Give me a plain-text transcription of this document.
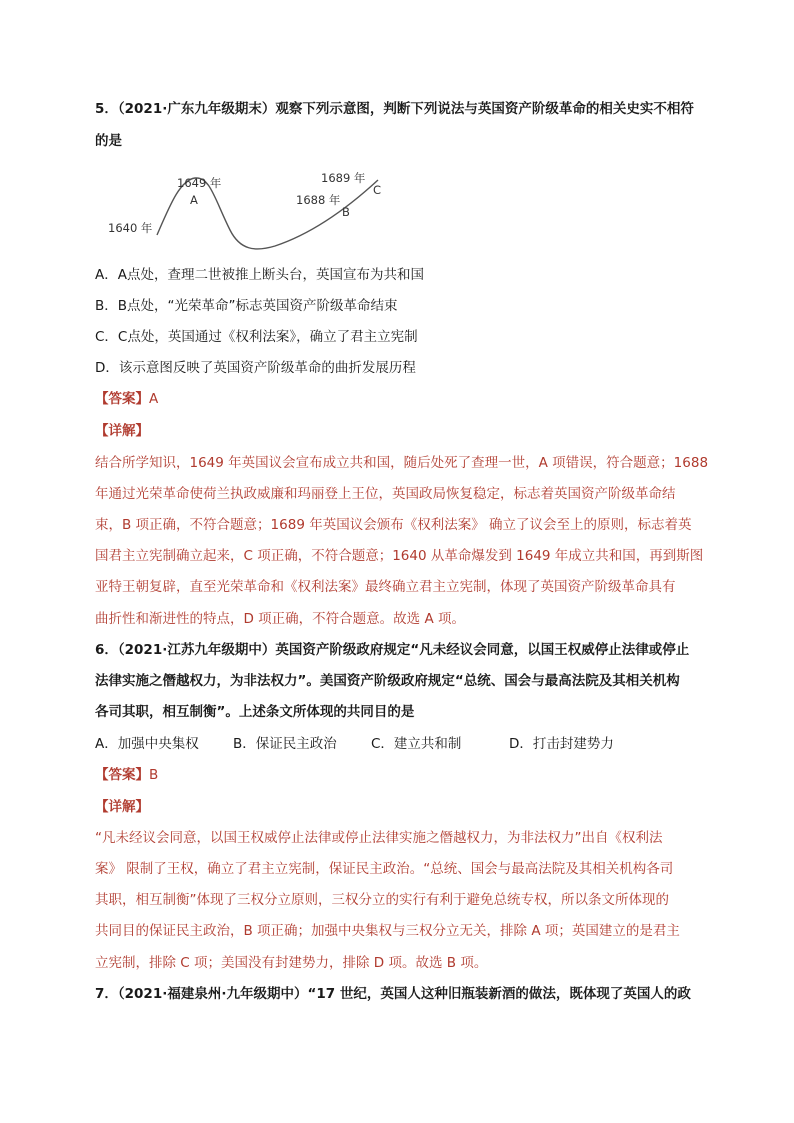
5．（2021·广东九年级期末）观察下列示意图，判断下列说法与英国资产阶级革命的相关史实不相符
的是
1640 年
1649 年
A	1688 年
B
1689 年
C
A．A点处，查理二世被推上断头台，英国宣布为共和国
B．B点处，“光荣革命”标志英国资产阶级革命结束
C．C点处，英国通过《权利法案》，确立了君主立宪制
D．该示意图反映了英国资产阶级革命的曲折发展历程
【答案】A
【详解】
结合所学知识，1649 年英国议会宣布成立共和国，随后处死了查理一世，A 项错误，符合题意；1688
年通过光荣革命使荷兰执政威廉和玛丽登上王位，英国政局恢复稳定，标志着英国资产阶级革命结
束，B 项正确，不符合题意；1689 年英国议会颁布《权利法案》 确立了议会至上的原则，标志着英
国君主立宪制确立起来，C 项正确，不符合题意；1640 从革命爆发到 1649 年成立共和国，再到斯图
亚特王朝复辟，直至光荣革命和《权利法案》最终确立君主立宪制，体现了英国资产阶级革命具有
曲折性和渐进性的特点，D 项正确，不符合题意。故选 A 项。
6．（2021·江苏九年级期中）英国资产阶级政府规定“凡未经议会同意，以国王权威停止法律或停止
法律实施之僭越权力，为非法权力”。美国资产阶级政府规定“总统、国会与最高法院及其相关机构
各司其职，相互制衡”。上述条文所体现的共同目的是
A．加强中央集权	B．保证民主政治	C．建立共和制	D．打击封建势力
【答案】B
【详解】
“凡未经议会同意，以国王权威停止法律或停止法律实施之僭越权力，为非法权力”出自《权利法
案》 限制了王权，确立了君主立宪制，保证民主政治。“总统、国会与最高法院及其相关机构各司
其职，相互制衡”体现了三权分立原则，三权分立的实行有利于避免总统专权，所以条文所体现的
共同目的保证民主政治，B 项正确；加强中央集权与三权分立无关，排除 A 项；英国建立的是君主
立宪制，排除 C 项；美国没有封建势力，排除 D 项。故选 B 项。
7．（2021·福建泉州·九年级期中）“17 世纪，英国人这种旧瓶装新酒的做法，既体现了英国人的政
